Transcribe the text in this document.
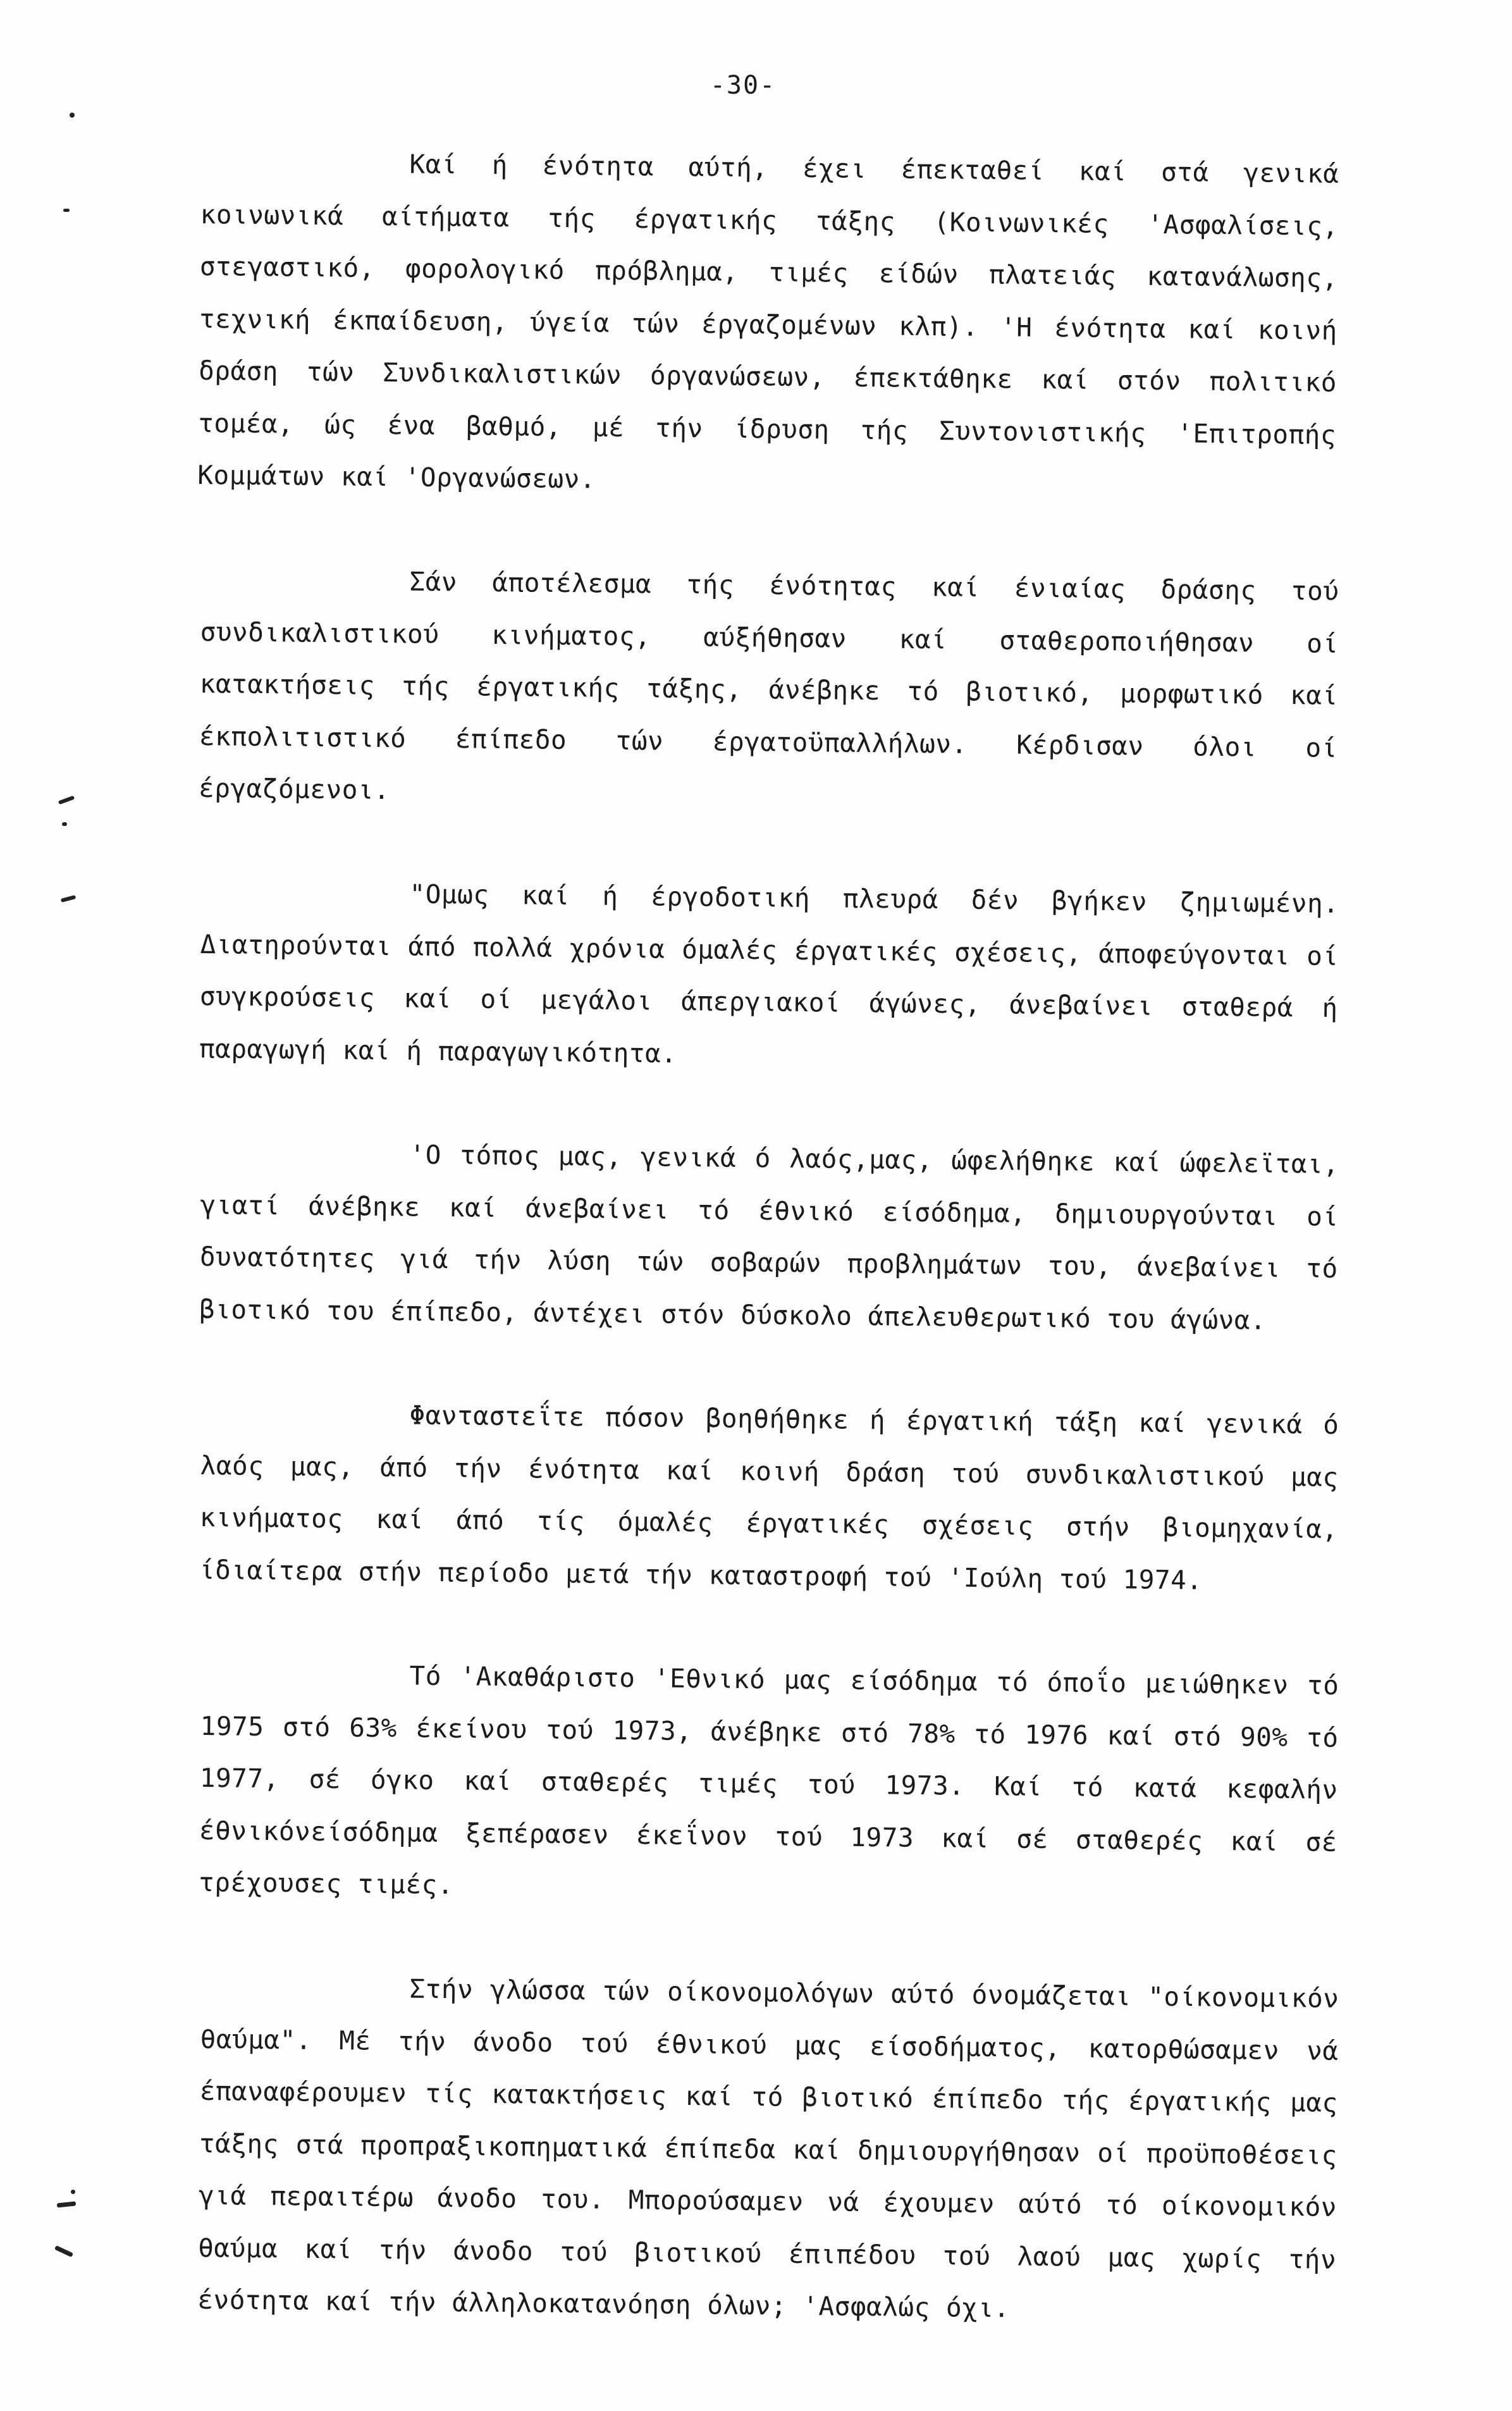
-30-

Καί ή ένότητα αύτή, έχει έπεκταθεί καί στά γενικά κοινωνικά αίτήματα τής έργατικής τάξης (Κοινωνικές 'Ασφαλίσεις, στεγαστικό, φορολογικό πρόβλημα, τιμές είδών πλατειάς κατανάλωσης, τεχνική έκπαίδευση, ύγεία τών έργαζομένων κλπ). 'Η ένότητα καί κοινή δράση τών Συνδικαλιστικών όργανώσεων, έπεκτάθηκε καί στόν πολιτικό τομέα, ώς ένα βαθμό, μέ τήν ίδρυση τής Συντονιστικής 'Επιτροπής Κομμάτων καί 'Οργανώσεων.

Σάν άποτέλεσμα τής ένότητας καί ένιαίας δράσης τού συνδικαλιστικού κινήματος, αύξήθησαν καί σταθεροποιήθησαν οί κατακτήσεις τής έργατικής τάξης, άνέβηκε τό βιοτικό, μορφωτικό καί έκπολιτιστικό έπίπεδο τών έργατοϋπαλλήλων. Κέρδισαν όλοι οί έργαζόμενοι.

"Ομως καί ή έργοδοτική πλευρά δέν βγήκεν ζημιωμένη. Διατηρούνται άπό πολλά χρόνια όμαλές έργατικές σχέσεις, άποφεύγονται οί συγκρούσεις καί οί μεγάλοι άπεργιακοί άγώνες, άνεβαίνει σταθερά ή παραγωγή καί ή παραγωγικότητα.

'Ο τόπος μας, γενικά ό λαός,μας, ώφελήθηκε καί ώφελεϊται, γιατί άνέβηκε καί άνεβαίνει τό έθνικό είσόδημα, δημιουργούνται οί δυνατότητες γιά τήν λύση τών σοβαρών προβλημάτων του, άνεβαίνει τό βιοτικό του έπίπεδο, άντέχει στόν δύσκολο άπελευθερωτικό του άγώνα.

Φανταστεΐτε πόσον βοηθήθηκε ή έργατική τάξη καί γενικά ό λαός μας, άπό τήν ένότητα καί κοινή δράση τού συνδικαλιστικού μας κινήματος καί άπό τίς όμαλές έργατικές σχέσεις στήν βιομηχανία, ίδιαίτερα στήν περίοδο μετά τήν καταστροφή τού 'Ιούλη τού 1974.

Τό 'Ακαθάριστο 'Εθνικό μας είσόδημα τό όποΐο μειώθηκεν τό 1975 στό 63% έκείνου τού 1973, άνέβηκε στό 78% τό 1976 καί στό 90% τό 1977, σέ όγκο καί σταθερές τιμές τού 1973. Καί τό κατά κεφαλήν έθνικόνείσόδημα ξεπέρασεν έκεΐνον τού 1973 καί σέ σταθερές καί σέ τρέχουσες τιμές.

Στήν γλώσσα τών οίκονομολόγων αύτό όνομάζεται "οίκονομικόν θαύμα". Μέ τήν άνοδο τού έθνικού μας είσοδήματος, κατορθώσαμεν νά έπαναφέρουμεν τίς κατακτήσεις καί τό βιοτικό έπίπεδο τής έργατικής μας τάξης στά προπραξικοπηματικά έπίπεδα καί δημιουργήθησαν οί προϋποθέσεις γιά περαιτέρω άνοδο του. Μπορούσαμεν νά έχουμεν αύτό τό οίκονομικόν θαύμα καί τήν άνοδο τού βιοτικού έπιπέδου τού λαού μας χωρίς τήν ένότητα καί τήν άλληλοκατανόηση όλων; 'Ασφαλώς όχι.
